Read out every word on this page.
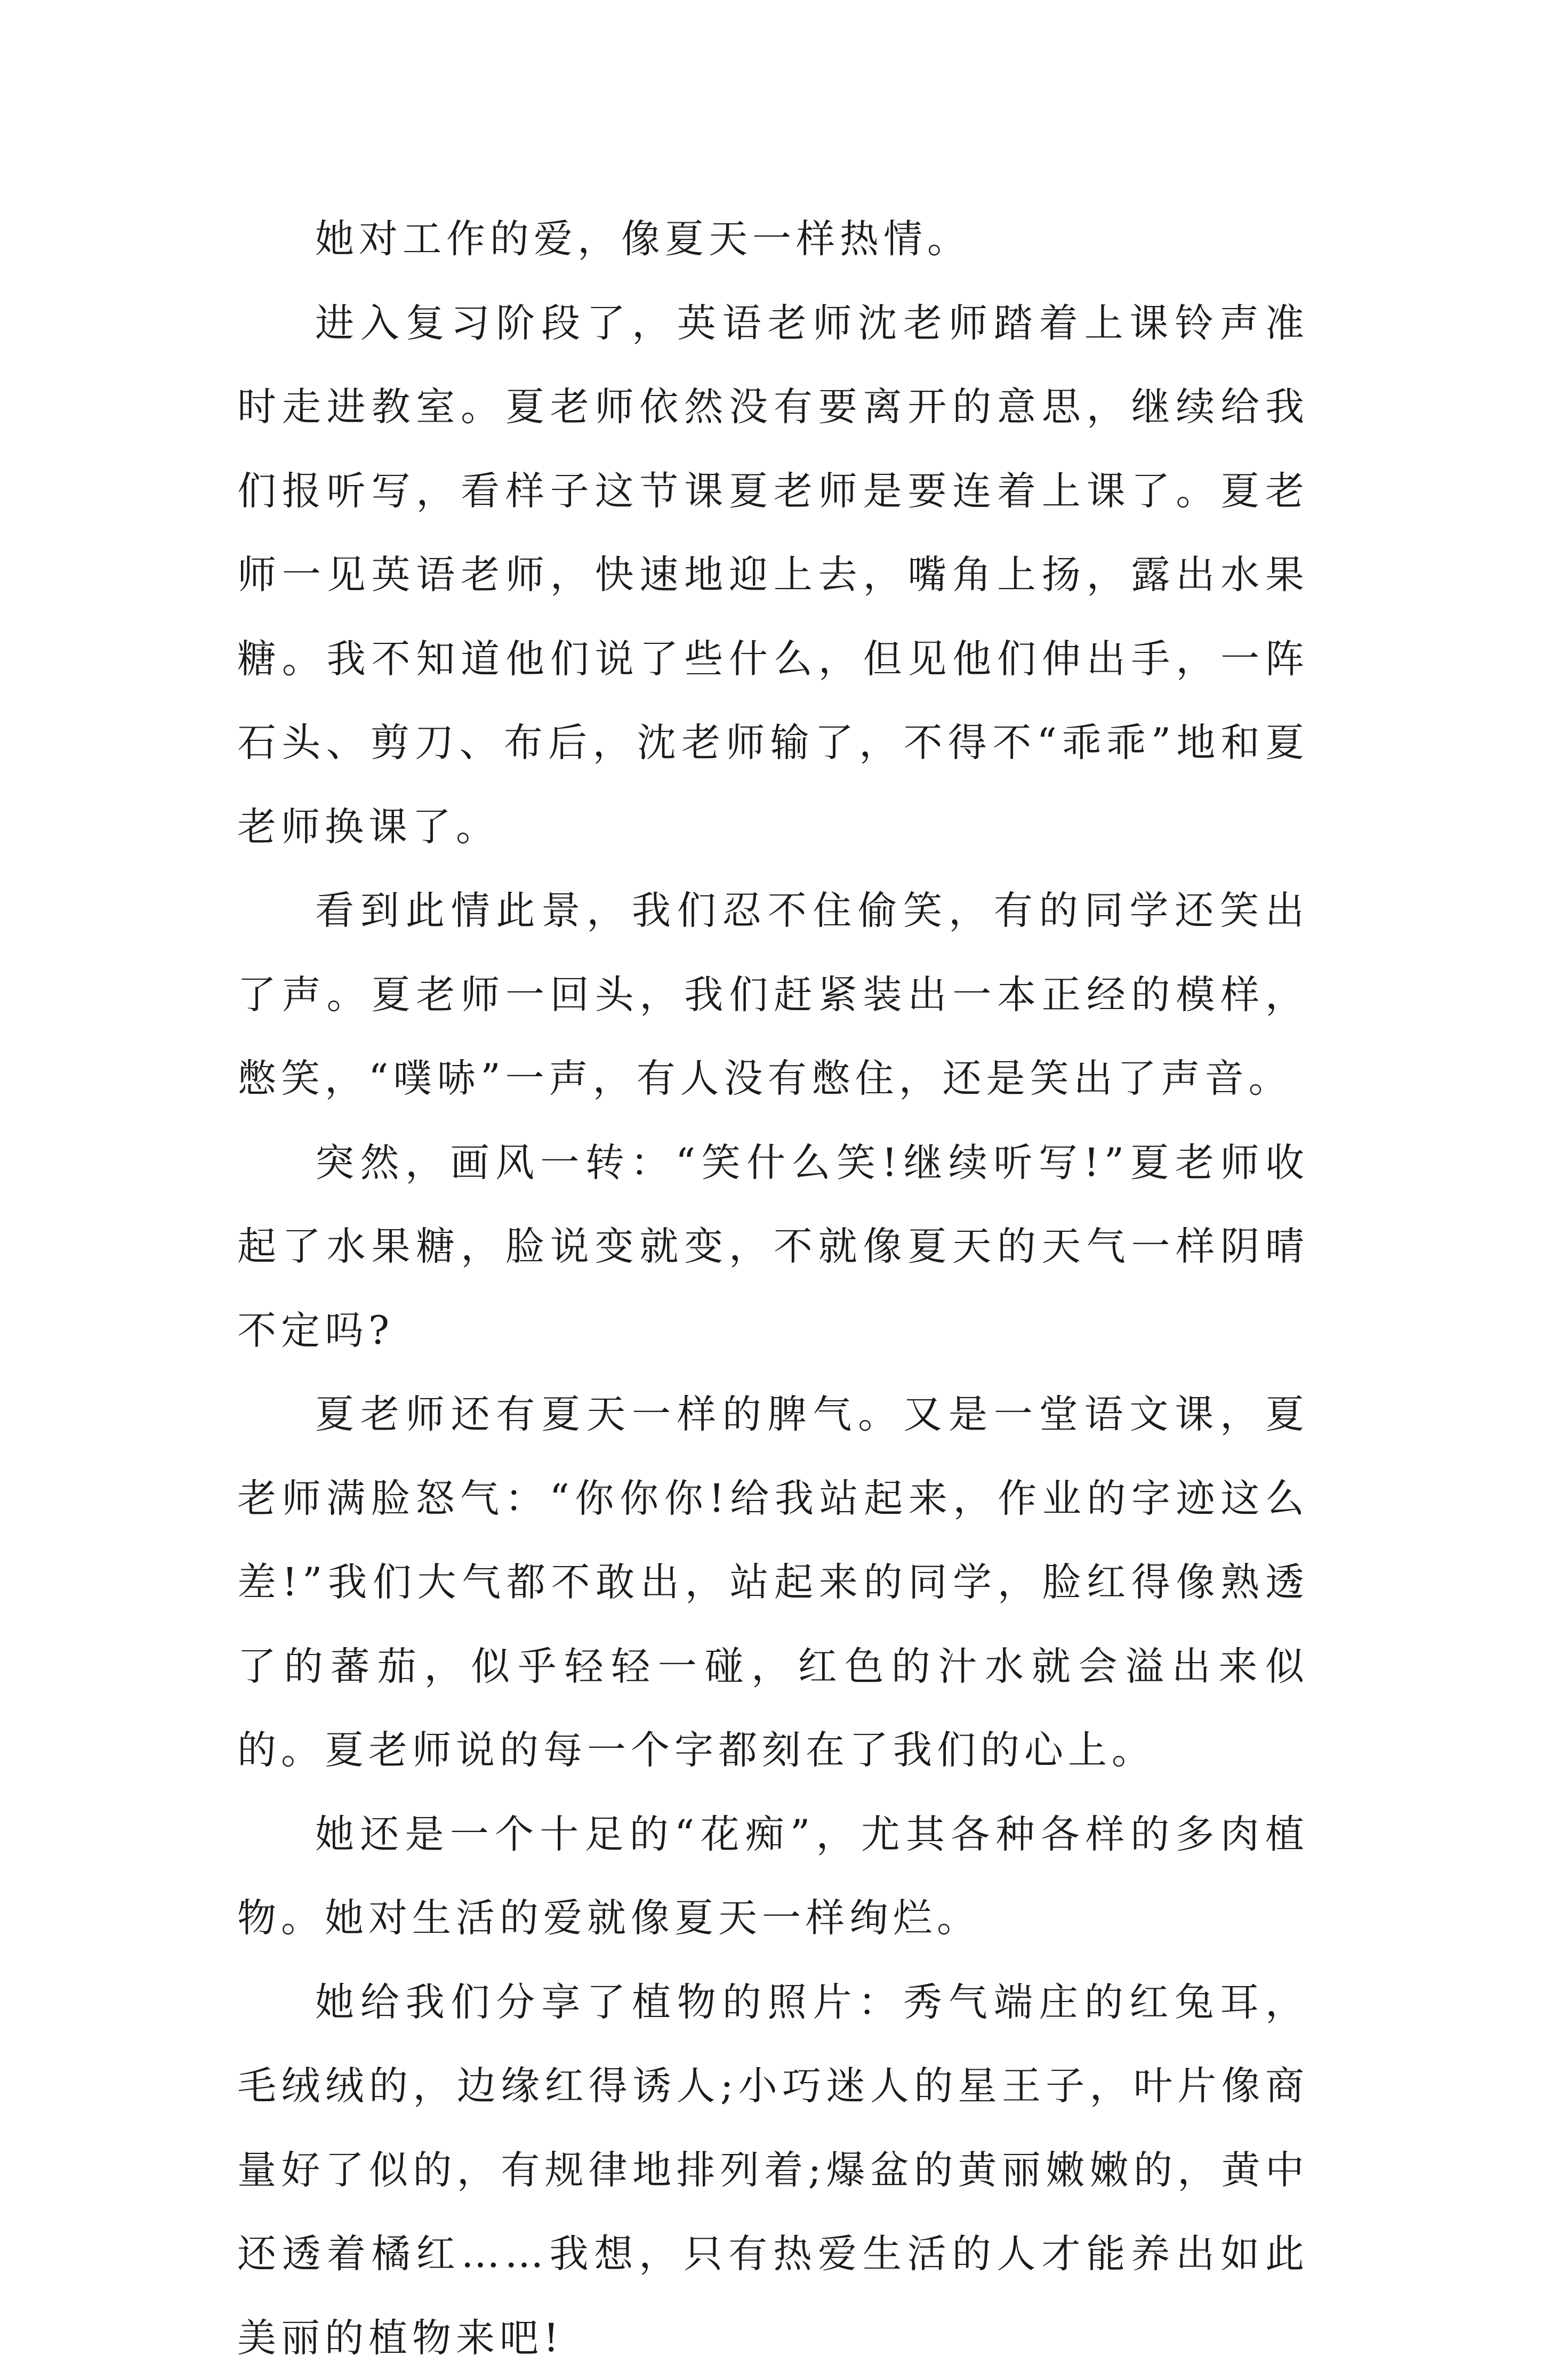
她对工作的爱，像夏天一样热情。

进入复习阶段了，英语老师沈老师踏着上课铃声准时走进教室。夏老师依然没有要离开的意思，继续给我们报听写，看样子这节课夏老师是要连着上课了。夏老师一见英语老师，快速地迎上去，嘴角上扬，露出水果糖。我不知道他们说了些什么，但见他们伸出手，一阵石头、剪刀、布后，沈老师输了，不得不“乖乖”地和夏老师换课了。

看到此情此景，我们忍不住偷笑，有的同学还笑出了声。夏老师一回头，我们赶紧装出一本正经的模样，憋笑，“噗哧”一声，有人没有憋住，还是笑出了声音。

突然，画风一转：“笑什么笑!继续听写!”夏老师收起了水果糖，脸说变就变，不就像夏天的天气一样阴晴不定吗?

夏老师还有夏天一样的脾气。又是一堂语文课，夏老师满脸怒气：“你你你!给我站起来，作业的字迹这么差!”我们大气都不敢出，站起来的同学，脸红得像熟透了的蕃茄，似乎轻轻一碰，红色的汁水就会溢出来似的。夏老师说的每一个字都刻在了我们的心上。

她还是一个十足的“花痴”，尤其各种各样的多肉植物。她对生活的爱就像夏天一样绚烂。

她给我们分享了植物的照片：秀气端庄的红兔耳，毛绒绒的，边缘红得诱人;小巧迷人的星王子，叶片像商量好了似的，有规律地排列着;爆盆的黄丽嫩嫩的，黄中还透着橘红……我想，只有热爱生活的人才能养出如此美丽的植物来吧!
